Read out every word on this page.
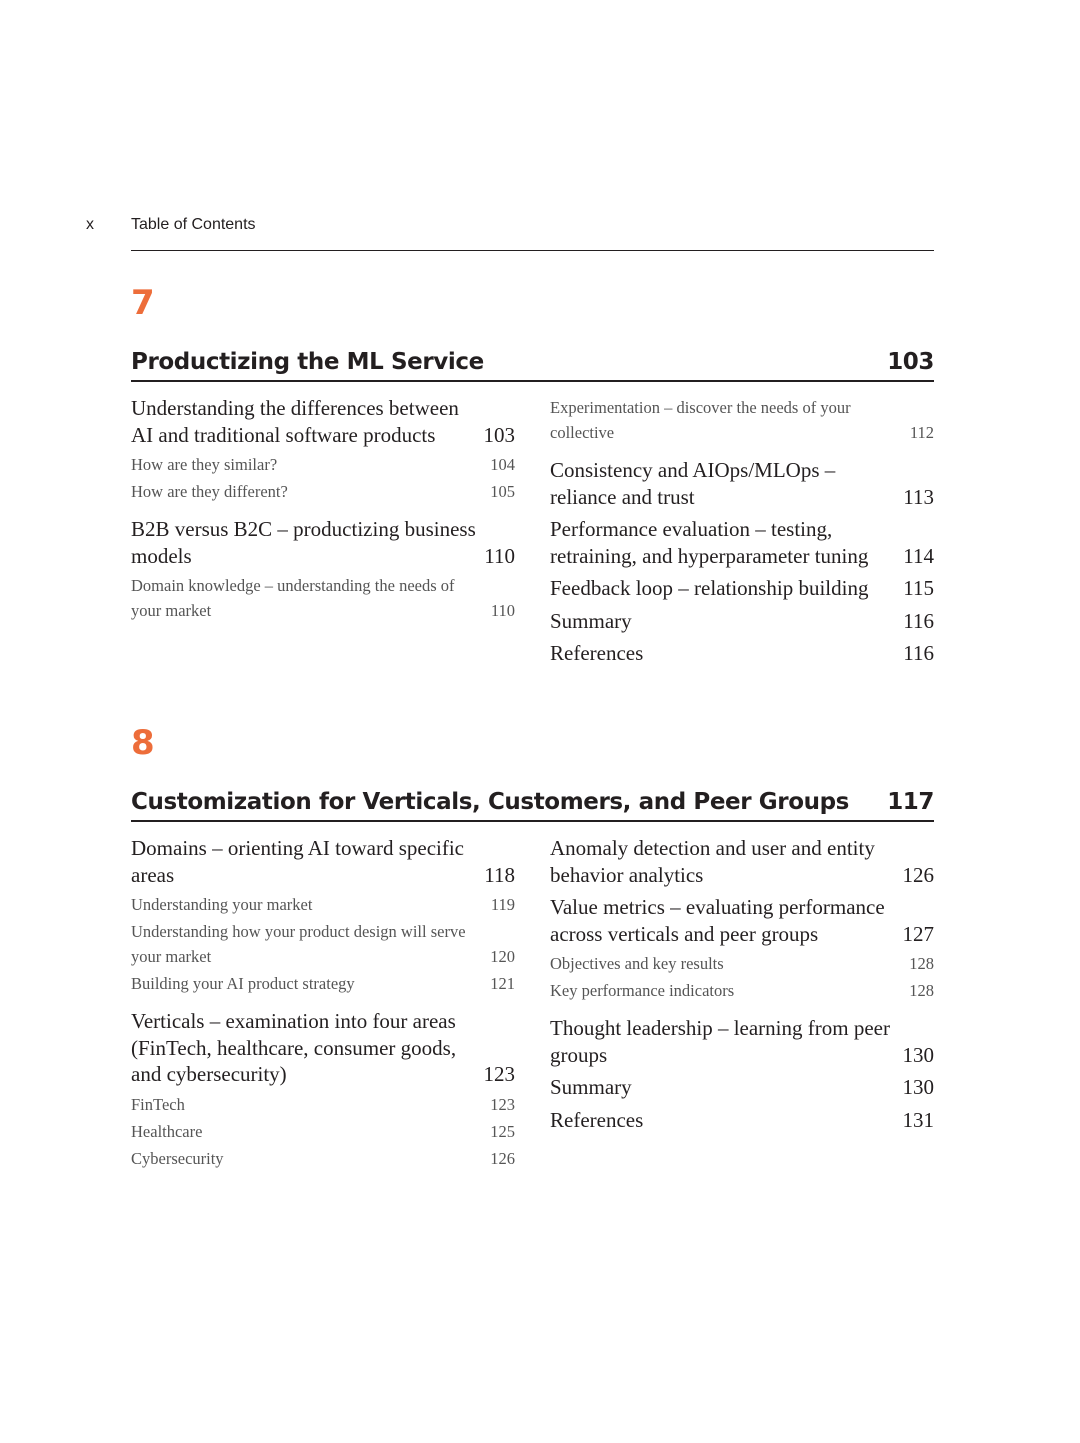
x Table of Contents
7
Productizing the ML Service	103
Understanding the differences between AI and traditional software products	103
How are they similar?	104
How are they different?	105
B2B versus B2C – productizing business models	110
Domain knowledge – understanding the needs of your market	110
Experimentation – discover the needs of your collective	112
Consistency and AIOps/MLOps – reliance and trust	113
Performance evaluation – testing, retraining, and hyperparameter tuning	114
Feedback loop – relationship building	115
Summary	116
References	116
8
Customization for Verticals, Customers, and Peer Groups 117
Domains – orienting AI toward specific areas	118
Understanding your market	119
Understanding how your product design will serve your market	120
Building your AI product strategy	121
Verticals – examination into four areas (FinTech, healthcare, consumer goods, and cybersecurity)	123
FinTech	123
Healthcare	125
Cybersecurity	126
Anomaly detection and user and entity behavior analytics	126
Value metrics – evaluating performance across verticals and peer groups	127
Objectives and key results	128
Key performance indicators	128
Thought leadership – learning from peer groups	130
Summary	130
References	131
